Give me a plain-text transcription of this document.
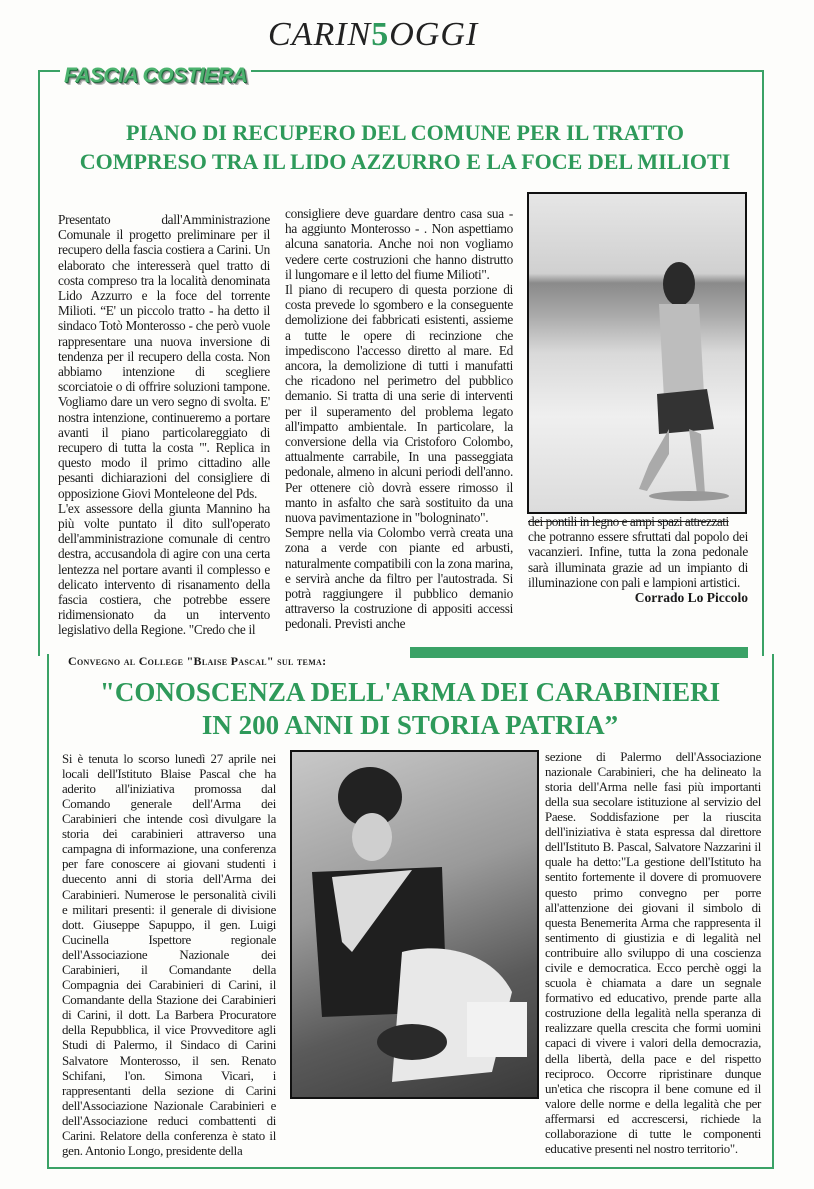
CARIN5OGGI
FASCIA COSTIERA
PIANO DI RECUPERO DEL COMUNE PER IL TRATTO
COMPRESO TRA IL LIDO AZZURRO E LA FOCE DEL MILIOTI

Presentato dall'Amministrazione Comunale il progetto preliminare per il recupero della fascia costiera a Carini. Un elaborato che interesserà quel tratto di costa compreso tra la località denominata Lido Azzurro e la foce del torrente Milioti. “E' un piccolo tratto - ha detto il sindaco Totò Monterosso - che però vuole rappresentare una nuova inversione di tendenza per il recupero della costa. Non abbiamo intenzione di scegliere scorciatoie o di offrire soluzioni tampone. Vogliamo dare un vero segno di svolta. E' nostra intenzione, continueremo a portare avanti il piano particolareggiato di recupero di tutta la costa "'. Replica in questo modo il primo cittadino alle pesanti dichiarazioni del consigliere di opposizione Giovi Monteleone del Pds.

L'ex assessore della giunta Mannino ha più volte puntato il dito sull'operato dell'amministrazione comunale di centro destra, accusandola di agire con una certa lentezza nel portare avanti il complesso e delicato intervento di risanamento della fascia costiera, che potrebbe essere ridimensionato da un intervento legislativo della Regione. "Credo che il

consigliere deve guardare dentro casa sua - ha aggiunto Monterosso - . Non aspettiamo alcuna sanatoria. Anche noi non vogliamo vedere certe costruzioni che hanno distrutto il lungomare e il letto del fiume Milioti".

Il piano di recupero di questa porzione di costa prevede lo sgombero e la conseguente demolizione dei fabbricati esistenti, assieme a tutte le opere di recinzione che impediscono l'accesso diretto al mare. Ed ancora, la demolizione di tutti i manufatti che ricadono nel perimetro del pubblico demanio. Si tratta di una serie di interventi per il superamento del problema legato all'impatto ambientale. In particolare, la conversione della via Cristoforo Colombo, attualmente carrabile, In una passeggiata pedonale, almeno in alcuni periodi dell'anno. Per ottenere ciò dovrà essere rimosso il manto in asfalto che sarà sostituito da una nuova pavimentazione in "bologninato".

Sempre nella via Colombo verrà creata una zona a verde con piante ed arbusti, naturalmente compatibili con la zona marina, e servirà anche da filtro per l'autostrada. Si potrà raggiungere il pubblico demanio attraverso la costruzione di appositi accessi pedonali. Previsti anche

dei pontili in legno e ampi spazi attrezzati

che potranno essere sfruttati dal popolo dei vacanzieri. Infine, tutta la zona pedonale sarà illuminata grazie ad un impianto di illuminazione con pali e lampioni artistici.

Corrado Lo Piccolo

Convegno al College "Blaise Pascal" sul tema:
"CONOSCENZA DELL'ARMA DEI CARABINIERI
IN 200 ANNI DI STORIA PATRIA”

Si è tenuta lo scorso lunedì 27 aprile nei locali dell'Istituto Blaise Pascal che ha aderito all'iniziativa promossa dal Comando generale dell'Arma dei Carabinieri che intende così divulgare la storia dei carabinieri attraverso una campagna di informazione, una conferenza per fare conoscere ai giovani studenti i duecento anni di storia dell'Arma dei Carabinieri. Numerose le personalità civili e militari presenti: il generale di divisione dott. Giuseppe Sapuppo, il gen. Luigi Cucinella Ispettore regionale dell'Associazione Nazionale dei Carabinieri, il Comandante della Compagnia dei Carabinieri di Carini, il Comandante della Stazione dei Carabinieri di Carini, il dott. La Barbera Procuratore della Repubblica, il vice Provveditore agli Studi di Palermo, il Sindaco di Carini Salvatore Monterosso, il sen. Renato Schifani, l'on. Simona Vicari, i rappresentanti della sezione di Carini dell'Associazione Nazionale Carabinieri e dell'Associazione reduci combattenti di Carini. Relatore della conferenza è stato il gen. Antonio Longo, presidente della

sezione di Palermo dell'Associazione nazionale Carabinieri, che ha delineato la storia dell'Arma nelle fasi più importanti della sua secolare istituzione al servizio del Paese. Soddisfazione per la riuscita dell'iniziativa è stata espressa dal direttore dell'Istituto B. Pascal, Salvatore Nazzarini il quale ha detto:"La gestione dell'Istituto ha sentito fortemente il dovere di promuovere questo primo convegno per porre all'attenzione dei giovani il simbolo di questa Benemerita Arma che rappresenta il sentimento di giustizia e di legalità nel contribuire allo sviluppo di una coscienza civile e democratica. Ecco perchè oggi la scuola è chiamata a dare un segnale formativo ed educativo, prende parte alla costruzione della legalità nella speranza di realizzare quella crescita che formi uomini capaci di vivere i valori della democrazia, della libertà, della pace e del rispetto reciproco. Occorre ripristinare dunque un'etica che riscopra il bene comune ed il valore delle norme e della legalità che per affermarsi ed accrescersi, richiede la collaborazione di tutte le componenti educative presenti nel nostro territorio".
